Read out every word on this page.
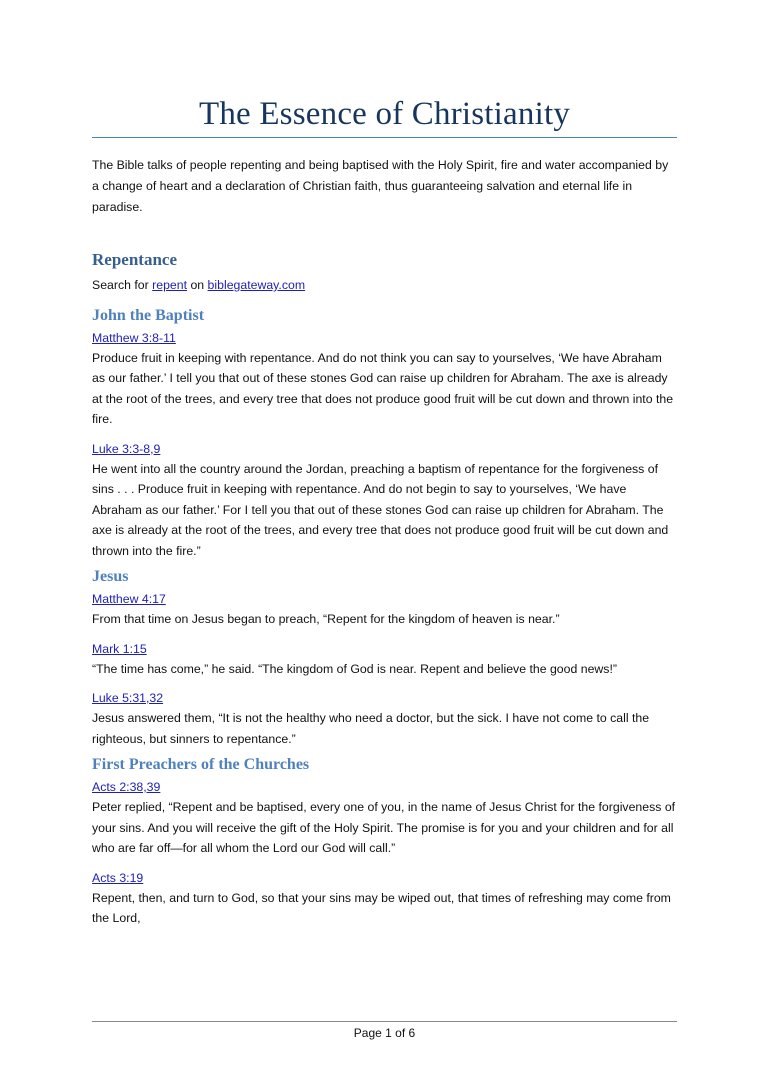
The Essence of Christianity

The Bible talks of people repenting and being baptised with the Holy Spirit, fire and water accompanied by a change of heart and a declaration of Christian faith, thus guaranteeing salvation and eternal life in paradise.

Repentance

Search for repent on biblegateway.com

John the Baptist

Matthew 3:8-11

Produce fruit in keeping with repentance. And do not think you can say to yourselves, ‘We have Abraham as our father.’ I tell you that out of these stones God can raise up children for Abraham. The axe is already at the root of the trees, and every tree that does not produce good fruit will be cut down and thrown into the fire.

Luke 3:3-8,9

He went into all the country around the Jordan, preaching a baptism of repentance for the forgiveness of sins . . . Produce fruit in keeping with repentance. And do not begin to say to yourselves, ‘We have Abraham as our father.’ For I tell you that out of these stones God can raise up children for Abraham. The axe is already at the root of the trees, and every tree that does not produce good fruit will be cut down and thrown into the fire.”

Jesus

Matthew 4:17

From that time on Jesus began to preach, “Repent for the kingdom of heaven is near.”

Mark 1:15

“The time has come,” he said. “The kingdom of God is near. Repent and believe the good news!”

Luke 5:31,32

Jesus answered them, “It is not the healthy who need a doctor, but the sick. I have not come to call the righteous, but sinners to repentance.”

First Preachers of the Churches

Acts 2:38,39

Peter replied, “Repent and be baptised, every one of you, in the name of Jesus Christ for the forgiveness of your sins. And you will receive the gift of the Holy Spirit. The promise is for you and your children and for all who are far off—for all whom the Lord our God will call.”

Acts 3:19

Repent, then, and turn to God, so that your sins may be wiped out, that times of refreshing may come from the Lord,

Page 1 of 6
